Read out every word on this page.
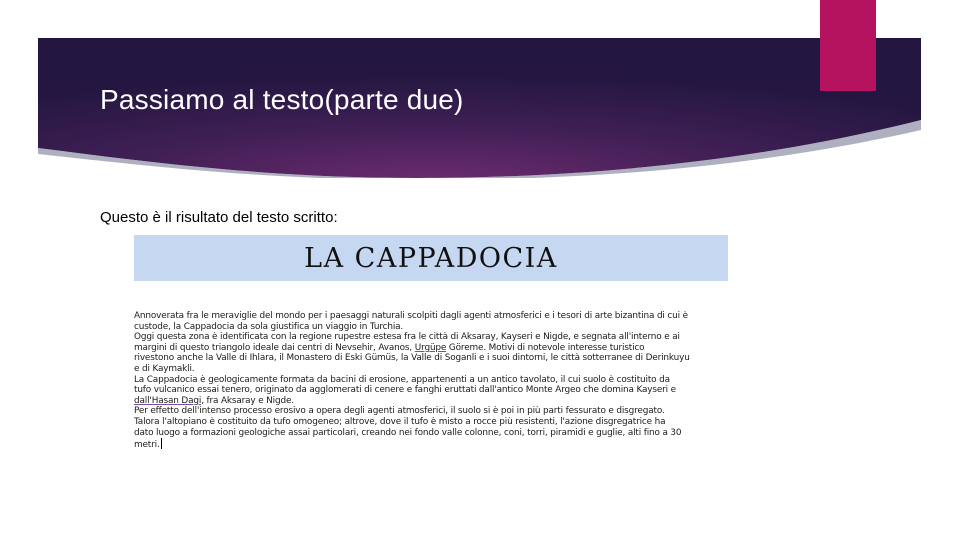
Passiamo al testo(parte due)
Questo è il risultato del testo scritto:
LA CAPPADOCIA

Annoverata fra le meraviglie del mondo per i paesaggi naturali scolpiti dagli agenti atmosferici e i tesori di arte bizantina di cui è

custode, la Cappadocia da sola giustifica un viaggio in Turchia.

Oggi questa zona è identificata con la regione rupestre estesa fra le città di Aksaray, Kayseri e Nigde, e segnata all'interno e ai

margini di questo triangolo ideale dai centri di Nevsehir, Avanos, Urgüpe Göreme. Motivi di notevole interesse turistico

rivestono anche la Valle di Ihlara, il Monastero di Eski Gümüs, la Valle di Soganli e i suoi dintorni, le città sotterranee di Derinkuyu

e di Kaymakli.

La Cappadocia è geologicamente formata da bacini di erosione, appartenenti a un antico tavolato, il cui suolo è costituito da

tufo vulcanico essai tenero, originato da agglomerati di cenere e fanghi eruttati dall'antico Monte Argeo che domina Kayseri e

dall'Hasan Dagi, fra Aksaray e Nigde.

Per effetto dell'intenso processo erosivo a opera degli agenti atmosferici, il suolo si è poi in più parti fessurato e disgregato.

Talora l'altopiano è costituito da tufo omogeneo; altrove, dove il tufo è misto a rocce più resistenti, l'azione disgregatrice ha

dato luogo a formazioni geologiche assai particolari, creando nei fondo valle colonne, coni, torri, piramidi e guglie, alti fino a 30

metri.
